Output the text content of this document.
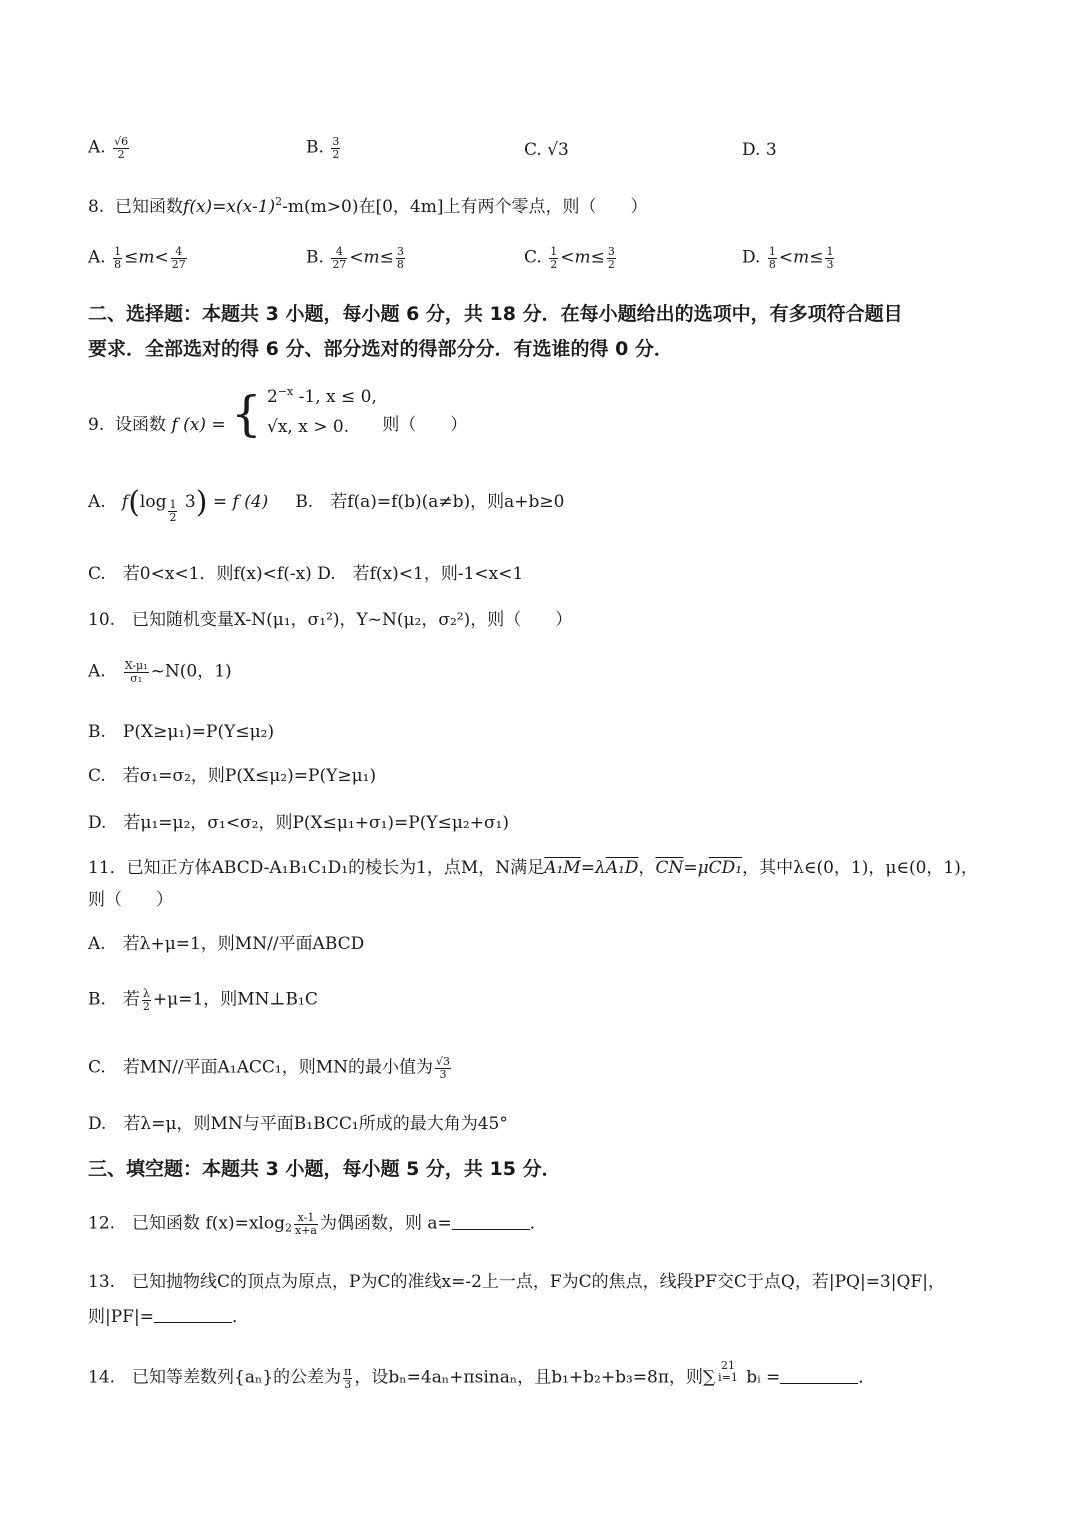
A. $\frac{√6}{2}$	B. $\frac{3}{2}$	C. √3	D. 3
8. 已知函数$f(x)=x(x-1)^2-m(m>0)$在[0，4m]上有两个零点，则（　　）
A. $\frac{1}{8} \le m< \frac{4}{27}$	B. $\frac{4}{27} <m\le \frac{3}{8}$	C. $\frac{1}{2} <m\le \frac{3}{2}$	D. $\frac{1}{8} <m\le \frac{1}{3}$
二、选择题：本题共 3 小题，每小题 6 分，共 18 分．在每小题给出的选项中，有多项符合题目
要求．全部选对的得 6 分、部分选对的得部分分．有选谁的得 0 分．
9. 设函数 f (x) = { $2^{-x}$ -1, x ≤ 0,
√x, x > 0.	则（　　）
A. $f(\log \frac{1}{2} 3) = f$ (4) B.　若f(a)=f(b)(a≠b)，则a+b≥0
C.　若0<x<1．则f(x)<f(-x) D.　若f(x)<1，则-1<x<1
10.　已知随机变量X-N(μ₁，σ₁²)，Y~N(μ₂，σ₂²)，则（　　）
A. $\frac{\text{X-μ₁}}{\text{σ₁}}$ ~N(0，1)
B.　P(X≥μ₁)=P(Y≤μ₂)
C.　若σ₁=σ₂，则P(X≤μ₂)=P(Y≥μ₁)
D.　若μ₁=μ₂，σ₁<σ₂，则P(X≤μ₁+σ₁)=P(Y≤μ₂+σ₁)
11．已知正方体ABCD-A₁B₁C₁D₁的棱长为1，点M，N满足A₁M=λA₁D，$\overline{CN}=\mu CD_1$，其中λ∈(0，1)，μ∈(0，1)，
则（　　）
A.　若λ+μ=1，则MN//平面ABCD
B.　若 $\frac{\lambda}{2} +\mu=1$，则MN⊥B₁C
C.　若MN//平面A₁ACC₁，则MN的最小值为 $\frac{√3}{3}$
D.　若λ=μ，则MN与平面B₁BCC₁所成的最大角为45°
三、填空题：本题共 3 小题，每小题 5 分，共 15 分．
12.　已知函数 $f(x)=xlog_2 \frac{x-1}{x+a}$ 为偶函数，则 a=	．
13.　已知抛物线C的顶点为原点，P为C的准线x=-2上一点，F为C的焦点，线段PF交C于点Q，若|PQ|=3|QF|，
则|PF|=	．
14.　已知等差数列{aₙ}的公差为 $\frac{\pi}{3}$ ，设bₙ=4aₙ+πsinaₙ，且b₁+b₂+b₃=8π，则∑
21
i=1 bᵢ =	．
